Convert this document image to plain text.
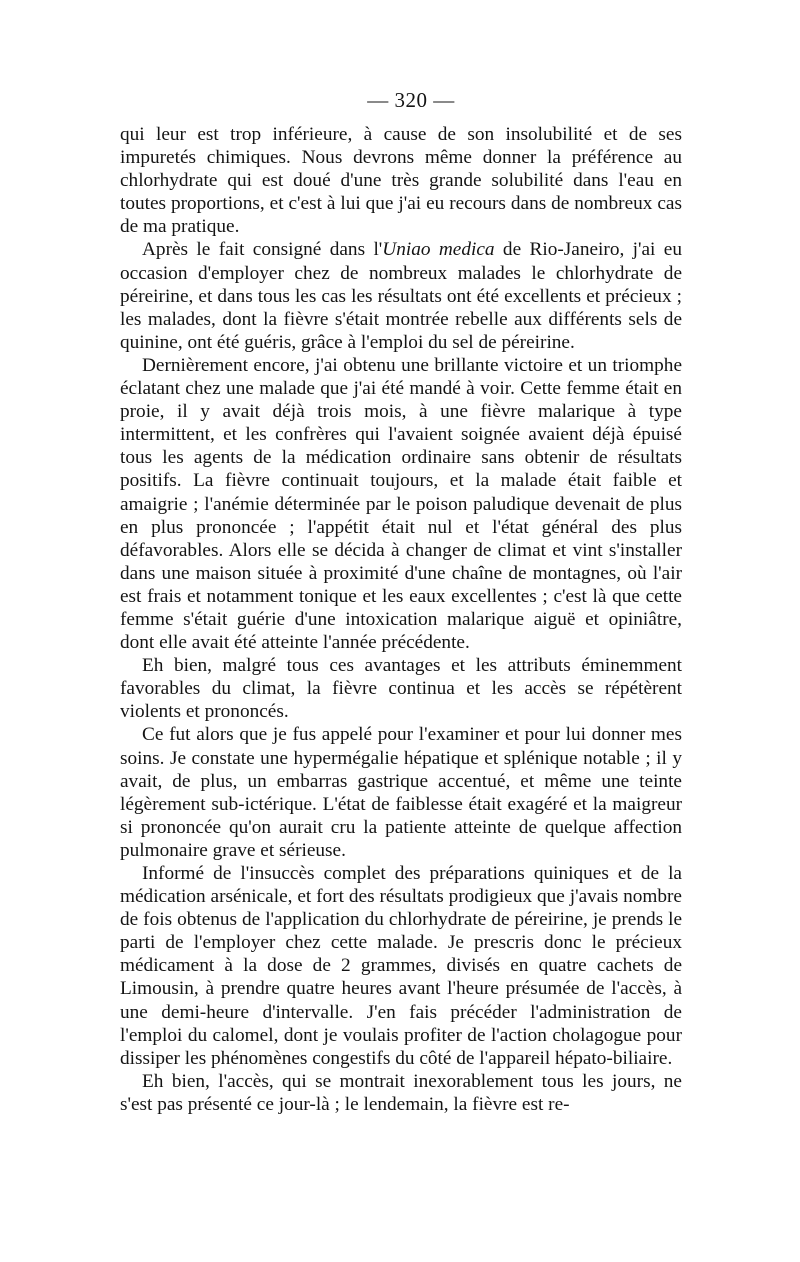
— 320 —

qui leur est trop inférieure, à cause de son insolubilité et de ses impuretés chimiques. Nous devrons même donner la préférence au chlorhydrate qui est doué d'une très grande solubilité dans l'eau en toutes proportions, et c'est à lui que j'ai eu recours dans de nombreux cas de ma pratique.

Après le fait consigné dans l'Uniao medica de Rio-Janeiro, j'ai eu occasion d'employer chez de nombreux malades le chlorhydrate de péreirine, et dans tous les cas les résultats ont été excellents et précieux ; les malades, dont la fièvre s'était montrée rebelle aux différents sels de quinine, ont été guéris, grâce à l'emploi du sel de péreirine.

Dernièrement encore, j'ai obtenu une brillante victoire et un triomphe éclatant chez une malade que j'ai été mandé à voir. Cette femme était en proie, il y avait déjà trois mois, à une fièvre malarique à type intermittent, et les confrères qui l'avaient soignée avaient déjà épuisé tous les agents de la médication ordinaire sans obtenir de résultats positifs. La fièvre continuait toujours, et la malade était faible et amaigrie ; l'anémie déterminée par le poison paludique devenait de plus en plus prononcée ; l'appétit était nul et l'état général des plus défavorables. Alors elle se décida à changer de climat et vint s'installer dans une maison située à proximité d'une chaîne de montagnes, où l'air est frais et notamment tonique et les eaux excellentes ; c'est là que cette femme s'était guérie d'une intoxication malarique aiguë et opiniâtre, dont elle avait été atteinte l'année précédente.

Eh bien, malgré tous ces avantages et les attributs éminemment favorables du climat, la fièvre continua et les accès se répétèrent violents et prononcés.

Ce fut alors que je fus appelé pour l'examiner et pour lui donner mes soins. Je constate une hypermégalie hépatique et splénique notable ; il y avait, de plus, un embarras gastrique accentué, et même une teinte légèrement sub-ictérique. L'état de faiblesse était exagéré et la maigreur si prononcée qu'on aurait cru la patiente atteinte de quelque affection pulmonaire grave et sérieuse.

Informé de l'insuccès complet des préparations quiniques et de la médication arsénicale, et fort des résultats prodigieux que j'avais nombre de fois obtenus de l'application du chlorhydrate de péreirine, je prends le parti de l'employer chez cette malade. Je prescris donc le précieux médicament à la dose de 2 grammes, divisés en quatre cachets de Limousin, à prendre quatre heures avant l'heure présumée de l'accès, à une demi-heure d'intervalle. J'en fais précéder l'administration de l'emploi du calomel, dont je voulais profiter de l'action cholagogue pour dissiper les phénomènes congestifs du côté de l'appareil hépato-biliaire.

Eh bien, l'accès, qui se montrait inexorablement tous les jours, ne s'est pas présenté ce jour-là ; le lendemain, la fièvre est re-
